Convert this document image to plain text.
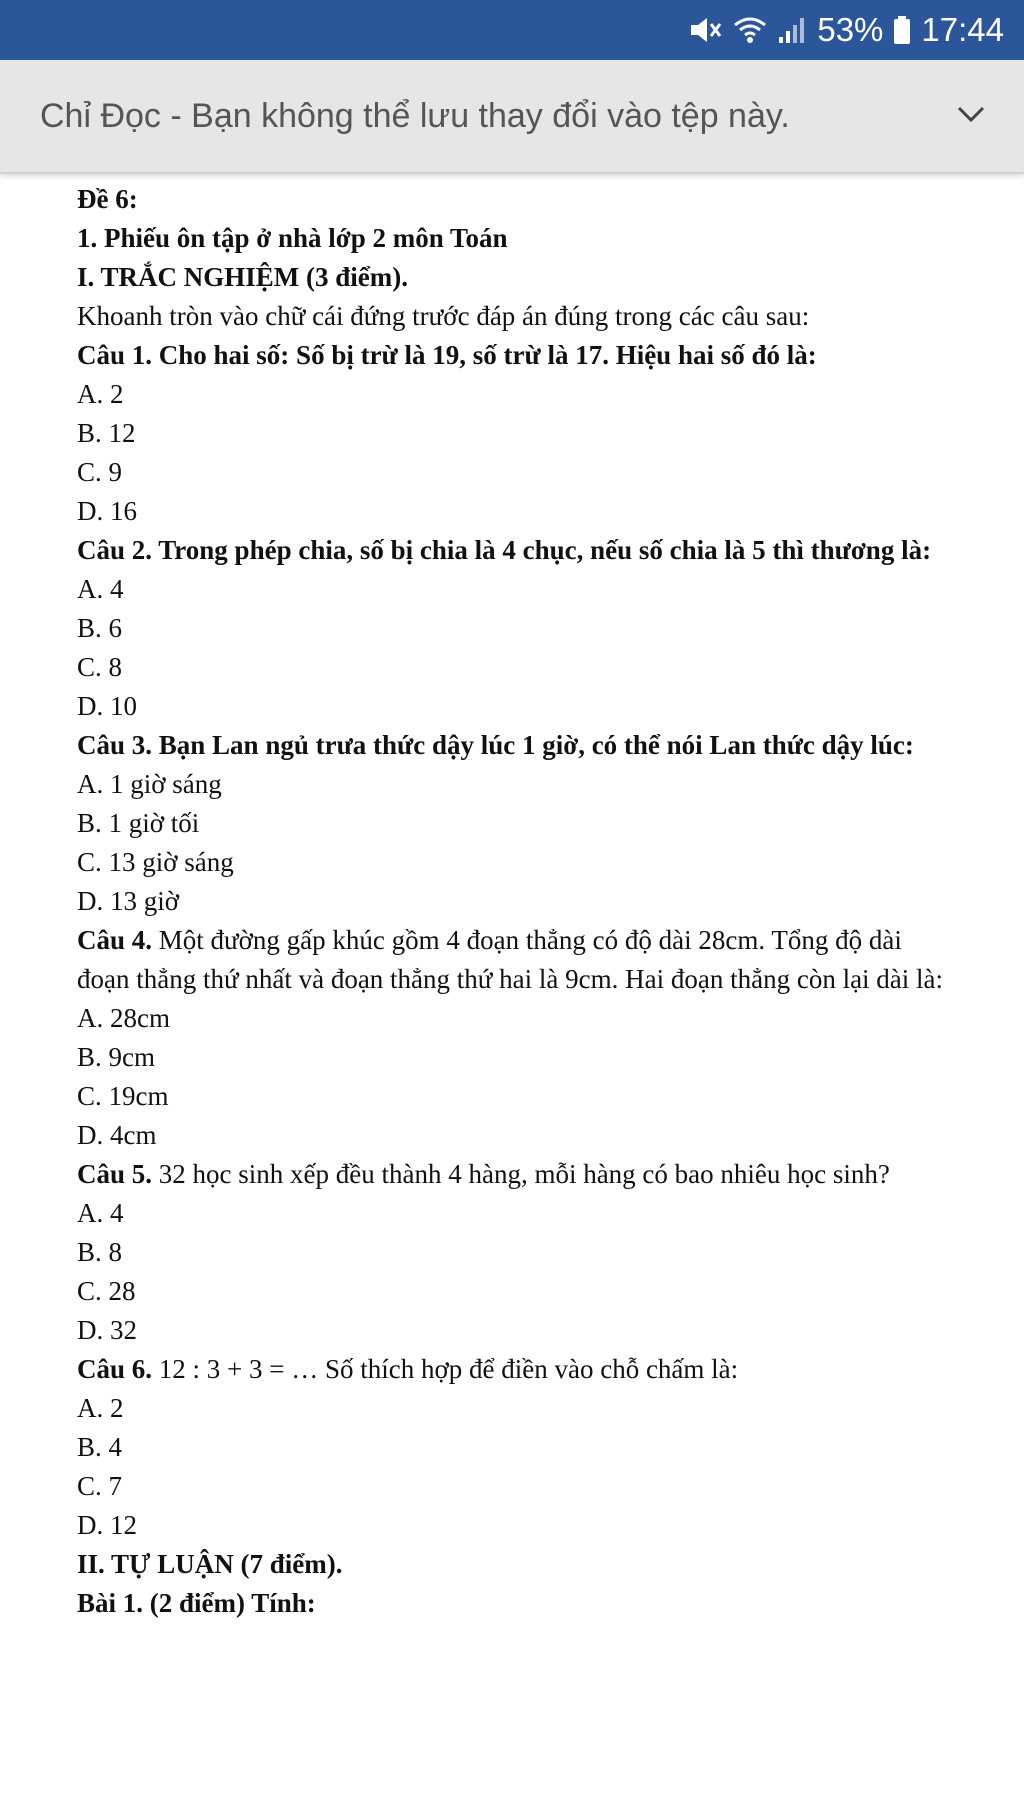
53% 17:44
Chỉ Đọc - Bạn không thể lưu thay đổi vào tệp này.
Đề 6:
1. Phiếu ôn tập ở nhà lớp 2 môn Toán
I. TRẮC NGHIỆM (3 điểm).
Khoanh tròn vào chữ cái đứng trước đáp án đúng trong các câu sau:
Câu 1. Cho hai số: Số bị trừ là 19, số trừ là 17. Hiệu hai số đó là:
A. 2
B. 12
C. 9
D. 16
Câu 2. Trong phép chia, số bị chia là 4 chục, nếu số chia là 5 thì thương là:
A. 4
B. 6
C. 8
D. 10
Câu 3. Bạn Lan ngủ trưa thức dậy lúc 1 giờ, có thể nói Lan thức dậy lúc:
A. 1 giờ sáng
B. 1 giờ tối
C. 13 giờ sáng
D. 13 giờ
Câu 4. Một đường gấp khúc gồm 4 đoạn thẳng có độ dài 28cm. Tổng độ dài đoạn thẳng thứ nhất và đoạn thẳng thứ hai là 9cm. Hai đoạn thẳng còn lại dài là:
A. 28cm
B. 9cm
C. 19cm
D. 4cm
Câu 5. 32 học sinh xếp đều thành 4 hàng, mỗi hàng có bao nhiêu học sinh?
A. 4
B. 8
C. 28
D. 32
Câu 6. 12 : 3 + 3 = … Số thích hợp để điền vào chỗ chấm là:
A. 2
B. 4
C. 7
D. 12
II. TỰ LUẬN (7 điểm).
Bài 1. (2 điểm) Tính:
